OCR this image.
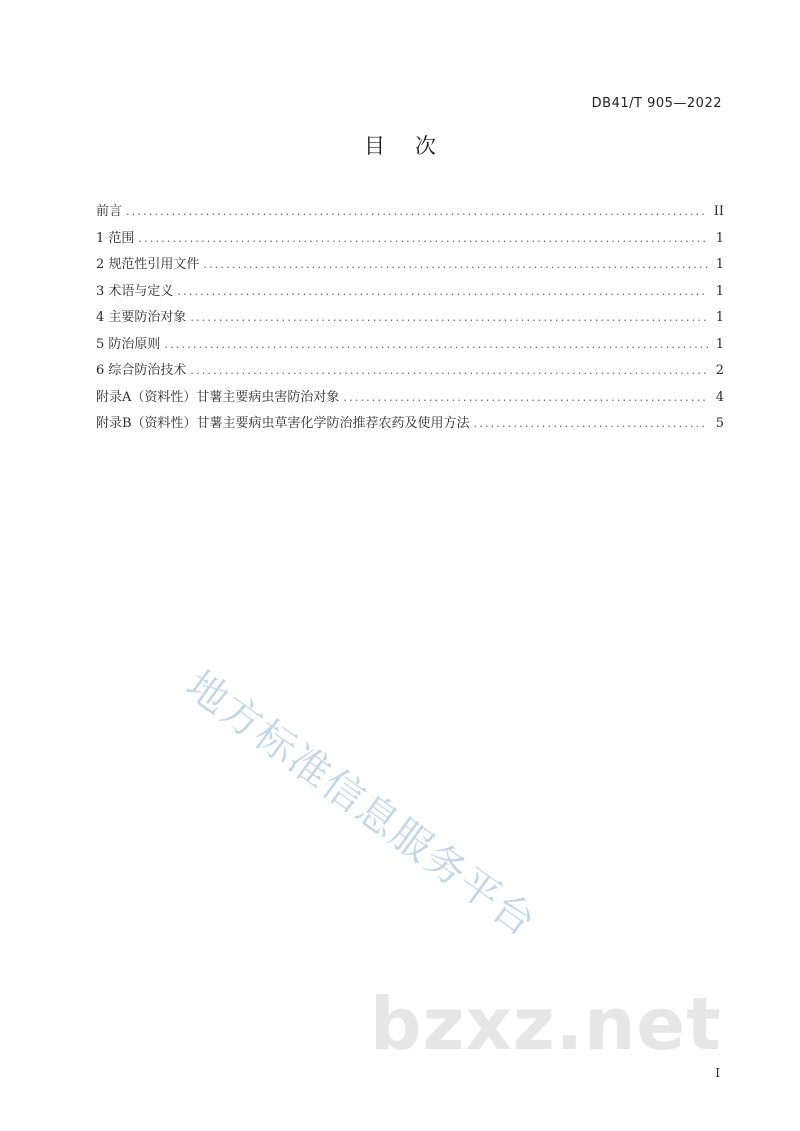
DB41/T 905—2022
目次
前言 .....	II
1 范围 .....	1
2 规范性引用文件 .....	1
3 术语与定义 .....	1
4 主要防治对象 .....	1
5 防治原则 .....	1
6 综合防治技术 .....	2
附录A（资料性）甘薯主要病虫害防治对象 .....	4
附录B（资料性）甘薯主要病虫草害化学防治推荐农药及使用方法 .....	5
地方标准信息服务平台
bzxz.net
I
